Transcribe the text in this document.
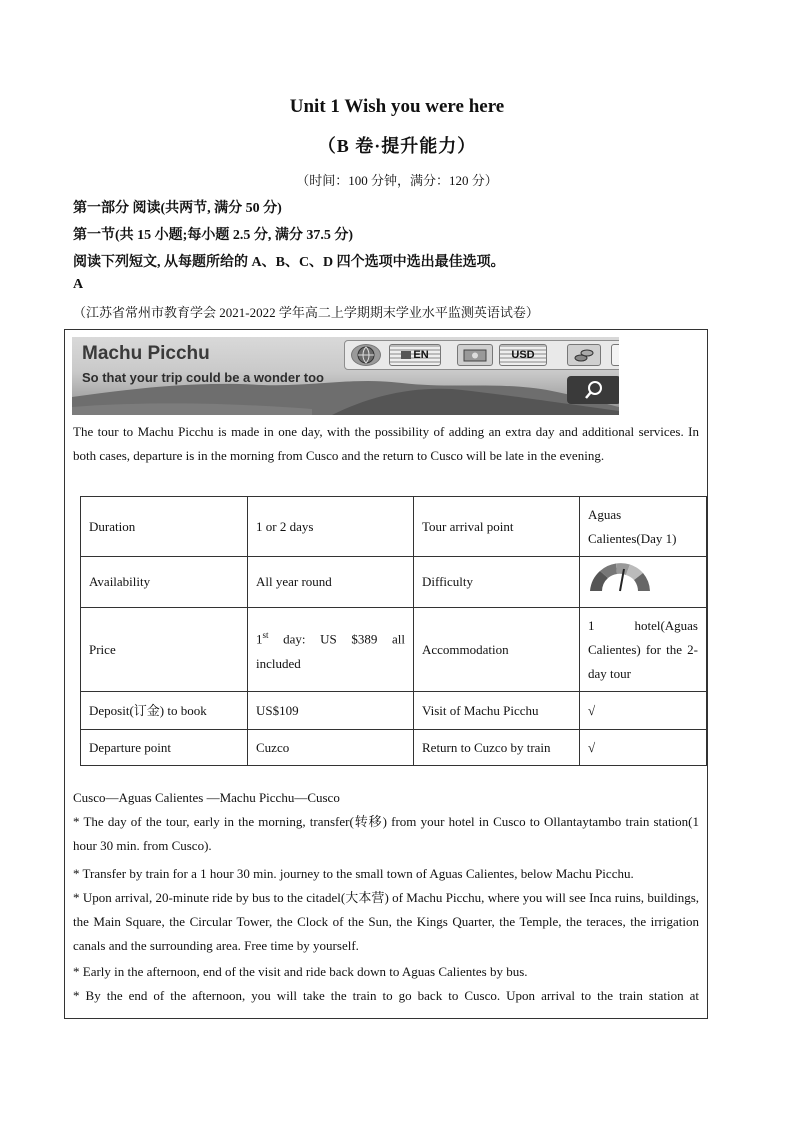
Unit 1 Wish you were here
（B 卷·提升能力）
（时间：100 分钟，满分：120 分）
第一部分 阅读(共两节, 满分 50 分)
第一节(共 15 小题;每小题 2.5 分, 满分 37.5 分)
阅读下列短文, 从每题所给的 A、B、C、D 四个选项中选出最佳选项。
A
（江苏省常州市教育学会 2021-2022 学年高二上学期期末学业水平监测英语试卷）
Machu Picchu
So that your trip could be a wonder too
EN	USD
The tour to Machu Picchu is made in one day, with the possibility of adding an extra day and additional services. In both cases, departure is in the morning from Cusco and the return to Cusco will be late in the evening.
Duration	1 or 2 days	Tour arrival point	Aguas Calientes(Day 1)
Availability	All year round	Difficulty	
Price	1st day: US $389 all included	Accommodation	1 hotel(Aguas Calientes) for the 2-day tour
Deposit(订金) to book	US$109	Visit of Machu Picchu	√
Departure point	Cuzco	Return to Cuzco by train	√
Cusco—Aguas Calientes —Machu Picchu—Cusco
* The day of the tour, early in the morning, transfer(转移) from your hotel in Cusco to Ollantaytambo train station(1 hour 30 min. from Cusco).
* Transfer by train for a 1 hour 30 min. journey to the small town of Aguas Calientes, below Machu Picchu.
* Upon arrival, 20-minute ride by bus to the citadel(大本营) of Machu Picchu, where you will see Inca ruins, buildings, the Main Square, the Circular Tower, the Clock of the Sun, the Kings Quarter, the Temple, the teraces, the irrigation canals and the surrounding area. Free time by yourself.
* Early in the afternoon, end of the visit and ride back down to Aguas Calientes by bus.
* By the end of the afternoon, you will take the train to go back to Cusco. Upon arrival to the train station at
